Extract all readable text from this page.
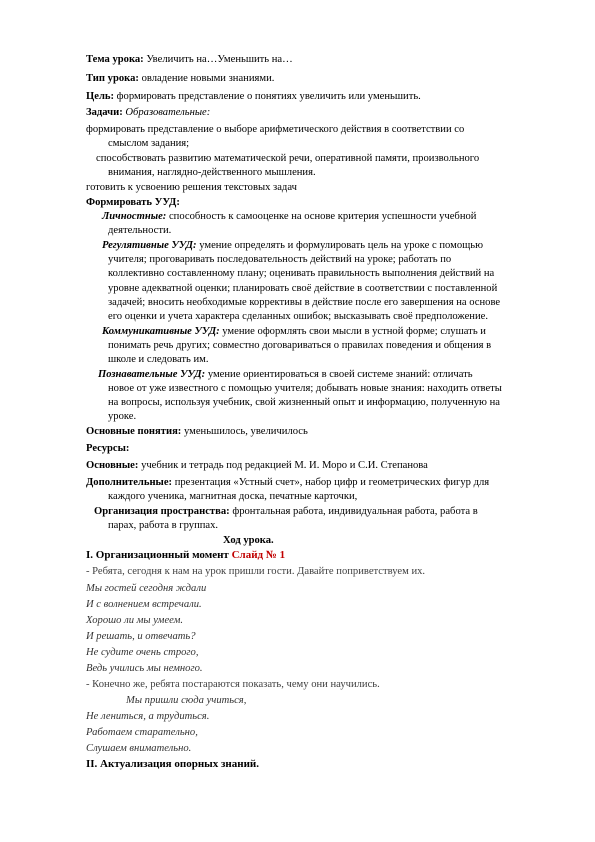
Тема урока: Увеличить на…Уменьшить на…
Тип урока: овладение новыми знаниями.
Цель: формировать представление о понятиях увеличить или уменьшить.
Задачи: Образовательные:
формировать представление о выборе арифметического действия в соответствии со
смыслом задания;
способствовать развитию математической речи, оперативной памяти, произвольного
внимания, наглядно-действенного мышления.
готовить к усвоению решения текстовых задач
Формировать УУД:
Личностные: способность к самооценке на основе критерия успешности учебной
деятельности.
Регулятивные УУД: умение определять и формулировать цель на уроке с помощью
учителя; проговаривать последовательность действий на уроке; работать по
коллективно составленному плану; оценивать правильность выполнения действий на
уровне адекватной оценки; планировать своё действие в соответствии с поставленной
задачей; вносить необходимые коррективы в действие после его завершения на основе
его оценки и учета характера сделанных ошибок; высказывать своё предположение.
Коммуникативные УУД: умение оформлять свои мысли в устной форме; слушать и
понимать речь других; совместно договариваться о правилах поведения и общения в
школе и следовать им.
Познавательные УУД: умение ориентироваться в своей системе знаний: отличать
новое от уже известного с помощью учителя; добывать новые знания: находить ответы
на вопросы, используя учебник, свой жизненный опыт и информацию, полученную на
уроке.
Основные понятия: уменьшилось, увеличилось
Ресурсы:
Основные: учебник и тетрадь под редакцией М. И. Моро и С.И. Степанова
Дополнительные: презентация «Устный счет», набор цифр и геометрических фигур для
каждого ученика, магнитная доска, печатные карточки,
Организация пространства: фронтальная работа, индивидуальная работа, работа в
парах, работа в группах.
Ход урока.
I. Организационный момент Слайд № 1
- Ребята, сегодня к нам на урок пришли гости. Давайте поприветствуем их.
Мы гостей сегодня ждали
И с волнением встречали.
Хорошо ли мы умеем.
И решать, и отвечать?
Не судите очень строго,
Ведь учились мы немного.
- Конечно же, ребята постараются показать, чему они научились.
Мы пришли сюда учиться,
Не лениться, а трудиться.
Работаем старательно,
Слушаем внимательно.
II. Актуализация опорных знаний.
